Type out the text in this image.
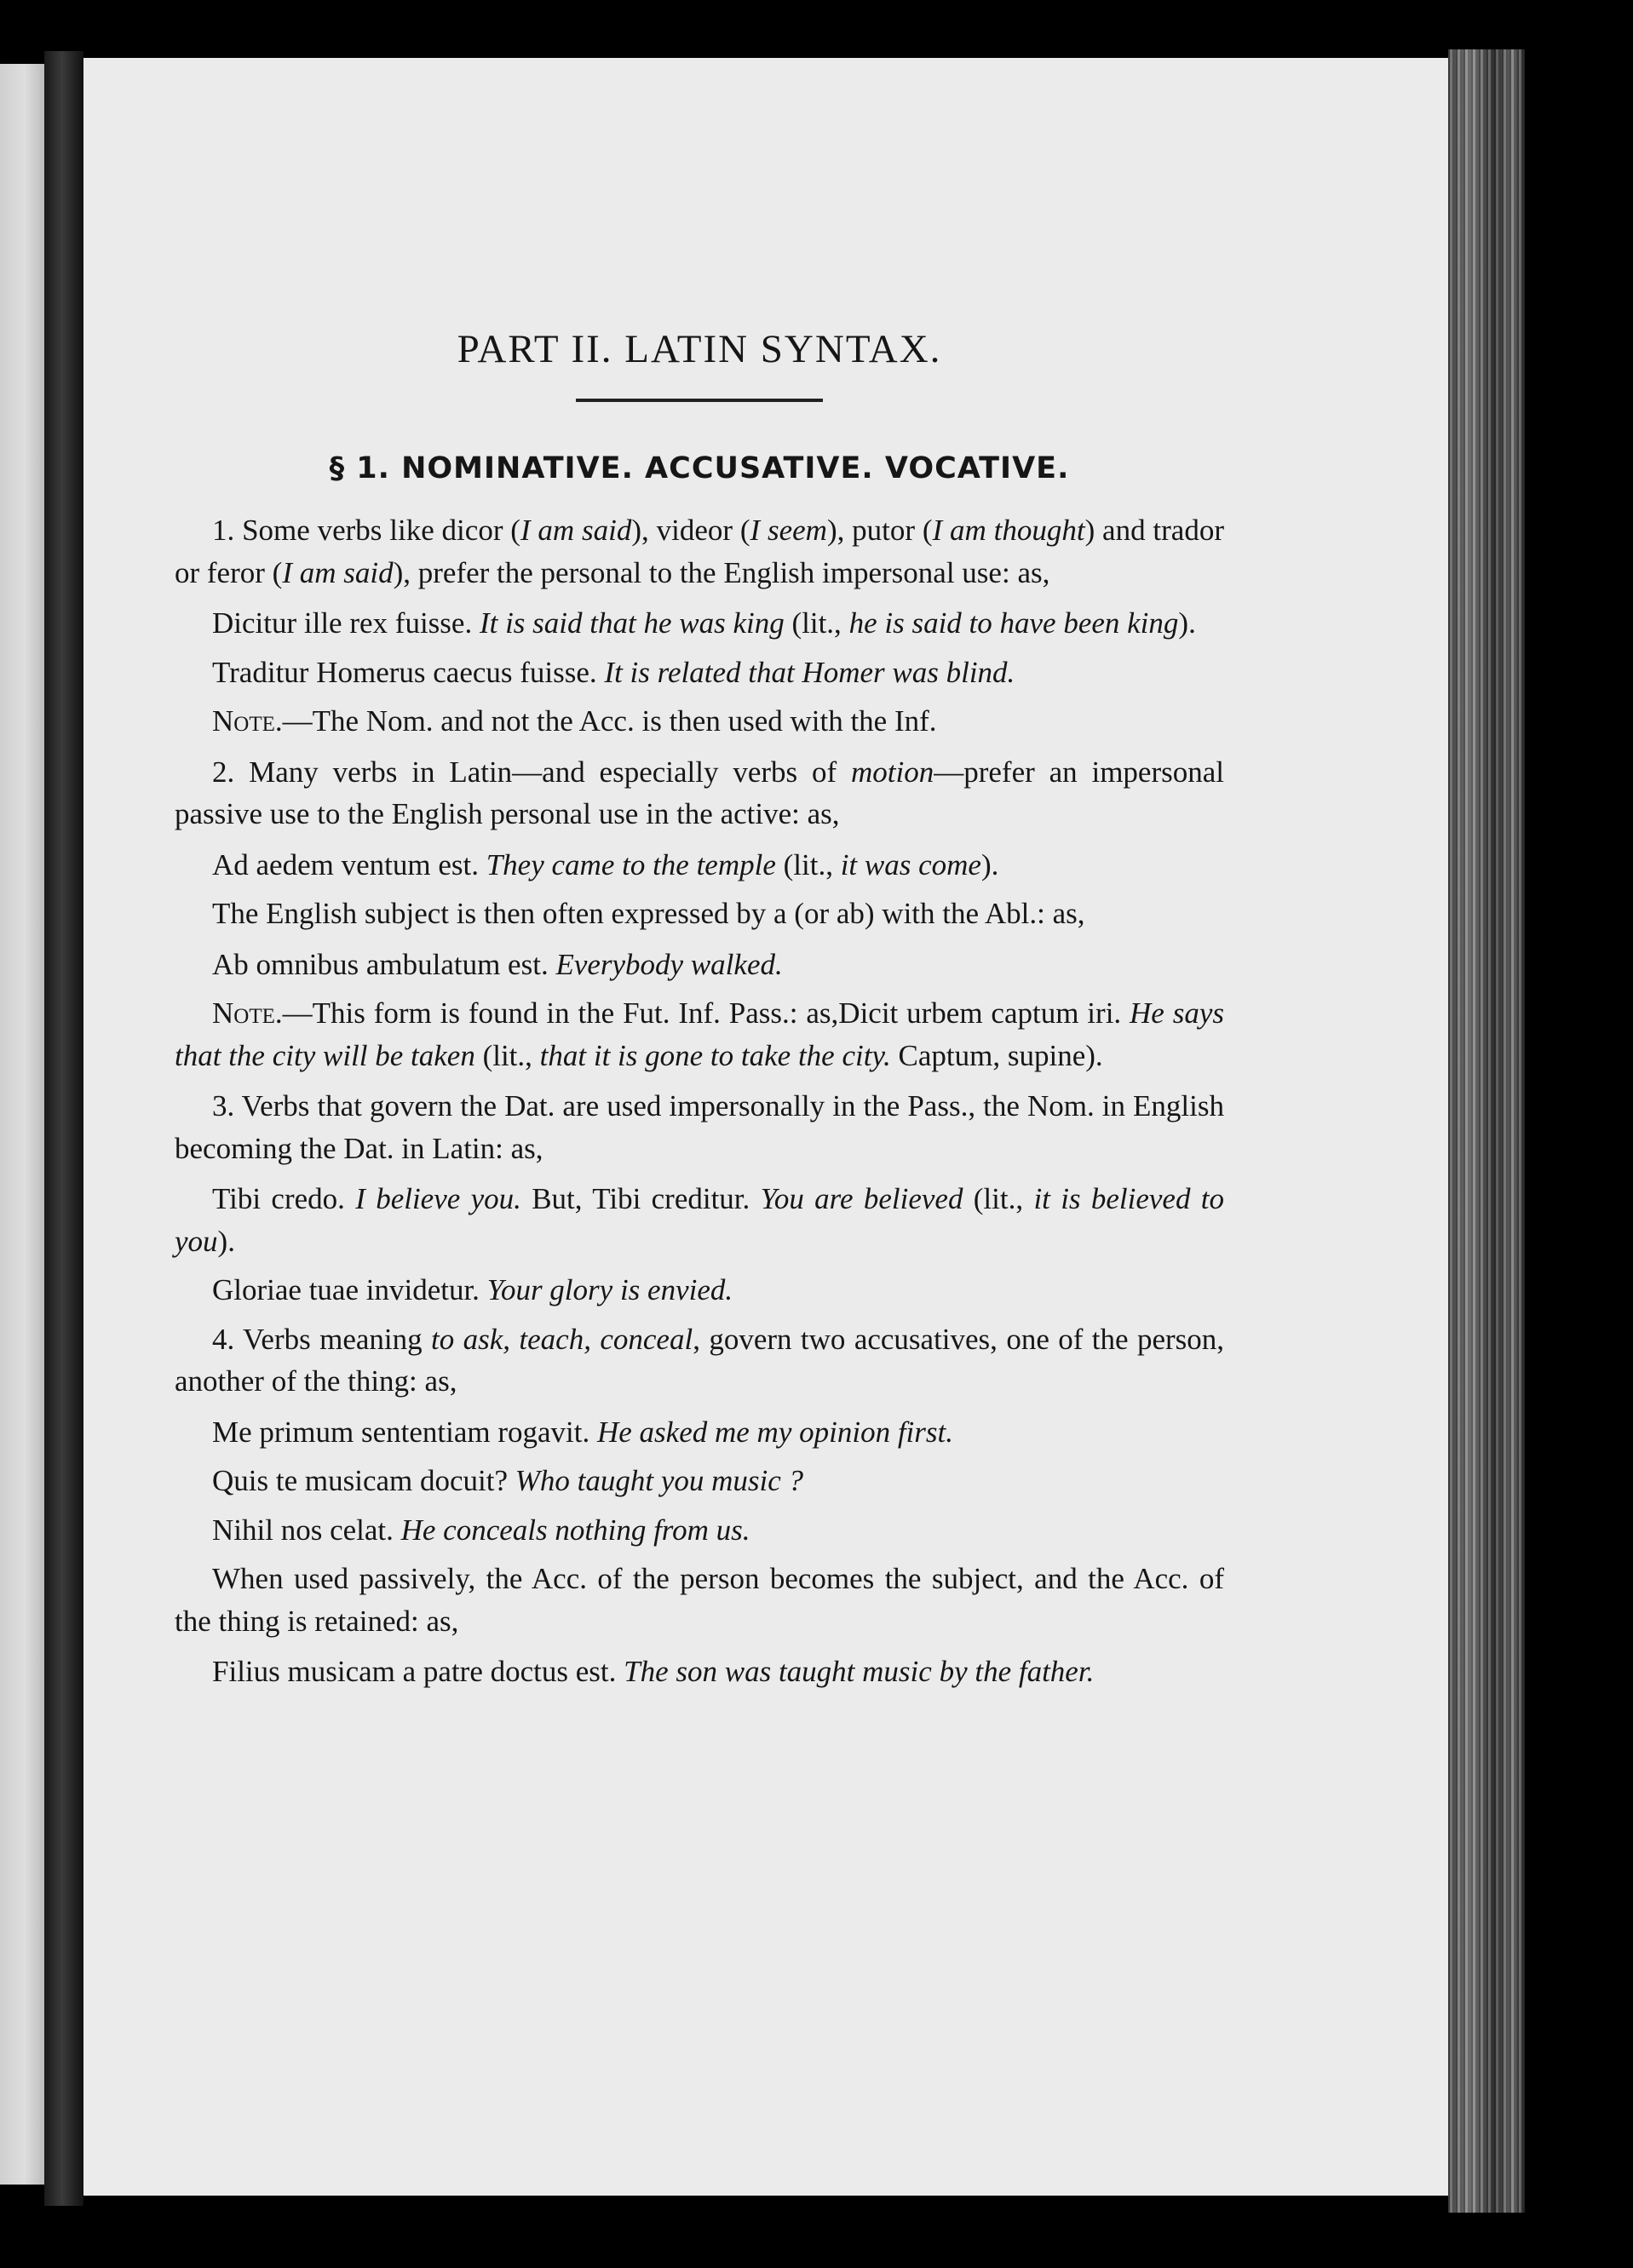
PART II. LATIN SYNTAX.
§ 1. NOMINATIVE. ACCUSATIVE. VOCATIVE.

1. Some verbs like dicor (I am said), videor (I seem), putor (I am thought) and trador or feror (I am said), prefer the personal to the English impersonal use: as,

Dicitur ille rex fuisse. It is said that he was king (lit., he is said to have been king).

Traditur Homerus caecus fuisse. It is related that Homer was blind.

Note.—The Nom. and not the Acc. is then used with the Inf.

2. Many verbs in Latin—and especially verbs of motion—prefer an impersonal passive use to the English personal use in the active: as,

Ad aedem ventum est. They came to the temple (lit., it was come).

The English subject is then often expressed by a (or ab) with the Abl.: as,

Ab omnibus ambulatum est. Everybody walked.

Note.—This form is found in the Fut. Inf. Pass.: as,Dicit urbem captum iri. He says that the city will be taken (lit., that it is gone to take the city. Captum, supine).

3. Verbs that govern the Dat. are used impersonally in the Pass., the Nom. in English becoming the Dat. in Latin: as,

Tibi credo. I believe you. But, Tibi creditur. You are believed (lit., it is believed to you).

Gloriae tuae invidetur. Your glory is envied.

4. Verbs meaning to ask, teach, conceal, govern two accusatives, one of the person, another of the thing: as,

Me primum sententiam rogavit. He asked me my opinion first.

Quis te musicam docuit? Who taught you music ?

Nihil nos celat. He conceals nothing from us.

When used passively, the Acc. of the person becomes the subject, and the Acc. of the thing is retained: as,

Filius musicam a patre doctus est. The son was taught music by the father.
